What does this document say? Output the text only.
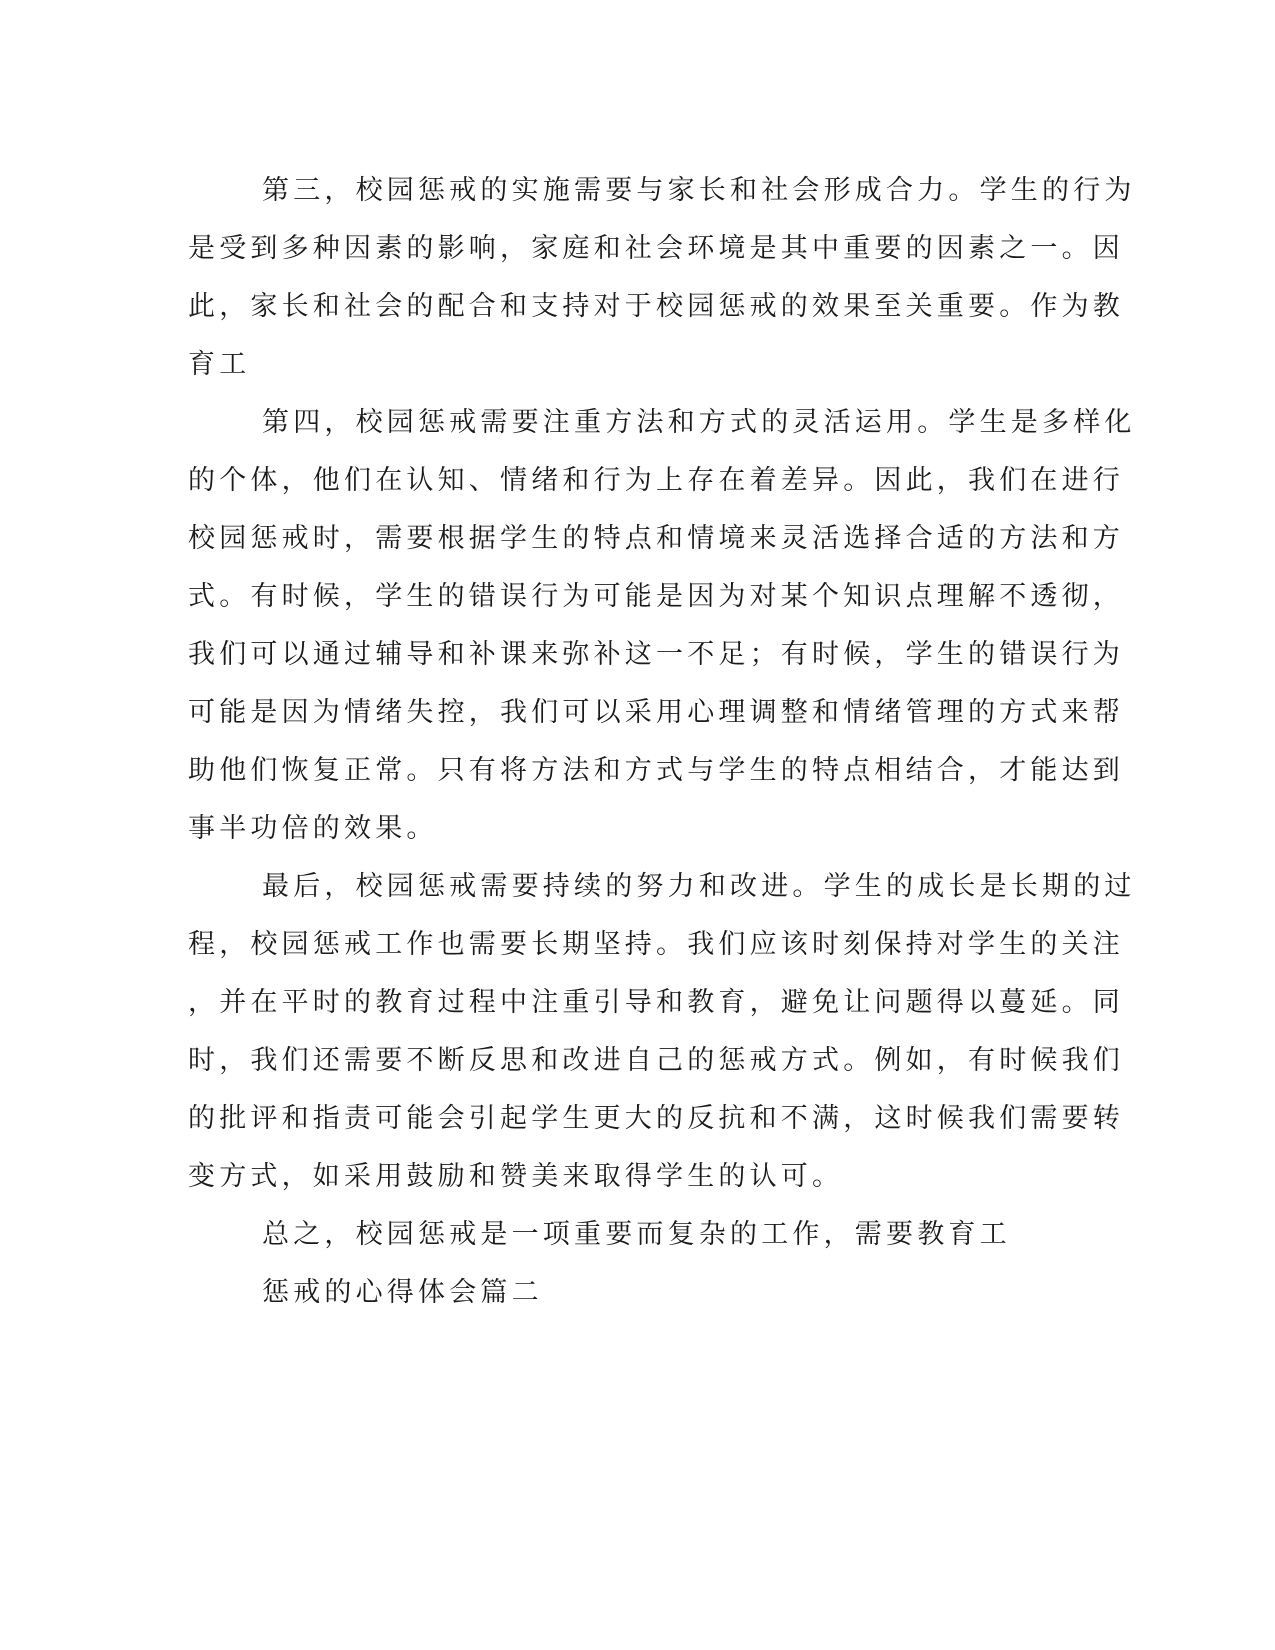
第三，校园惩戒的实施需要与家长和社会形成合力。学生的行为
是受到多种因素的影响，家庭和社会环境是其中重要的因素之一。因
此，家长和社会的配合和支持对于校园惩戒的效果至关重要。作为教
育工
第四，校园惩戒需要注重方法和方式的灵活运用。学生是多样化
的个体，他们在认知、情绪和行为上存在着差异。因此，我们在进行
校园惩戒时，需要根据学生的特点和情境来灵活选择合适的方法和方
式。有时候，学生的错误行为可能是因为对某个知识点理解不透彻，
我们可以通过辅导和补课来弥补这一不足；有时候，学生的错误行为
可能是因为情绪失控，我们可以采用心理调整和情绪管理的方式来帮
助他们恢复正常。只有将方法和方式与学生的特点相结合，才能达到
事半功倍的效果。
最后，校园惩戒需要持续的努力和改进。学生的成长是长期的过
程，校园惩戒工作也需要长期坚持。我们应该时刻保持对学生的关注
，并在平时的教育过程中注重引导和教育，避免让问题得以蔓延。同
时，我们还需要不断反思和改进自己的惩戒方式。例如，有时候我们
的批评和指责可能会引起学生更大的反抗和不满，这时候我们需要转
变方式，如采用鼓励和赞美来取得学生的认可。
总之，校园惩戒是一项重要而复杂的工作，需要教育工
惩戒的心得体会篇二
